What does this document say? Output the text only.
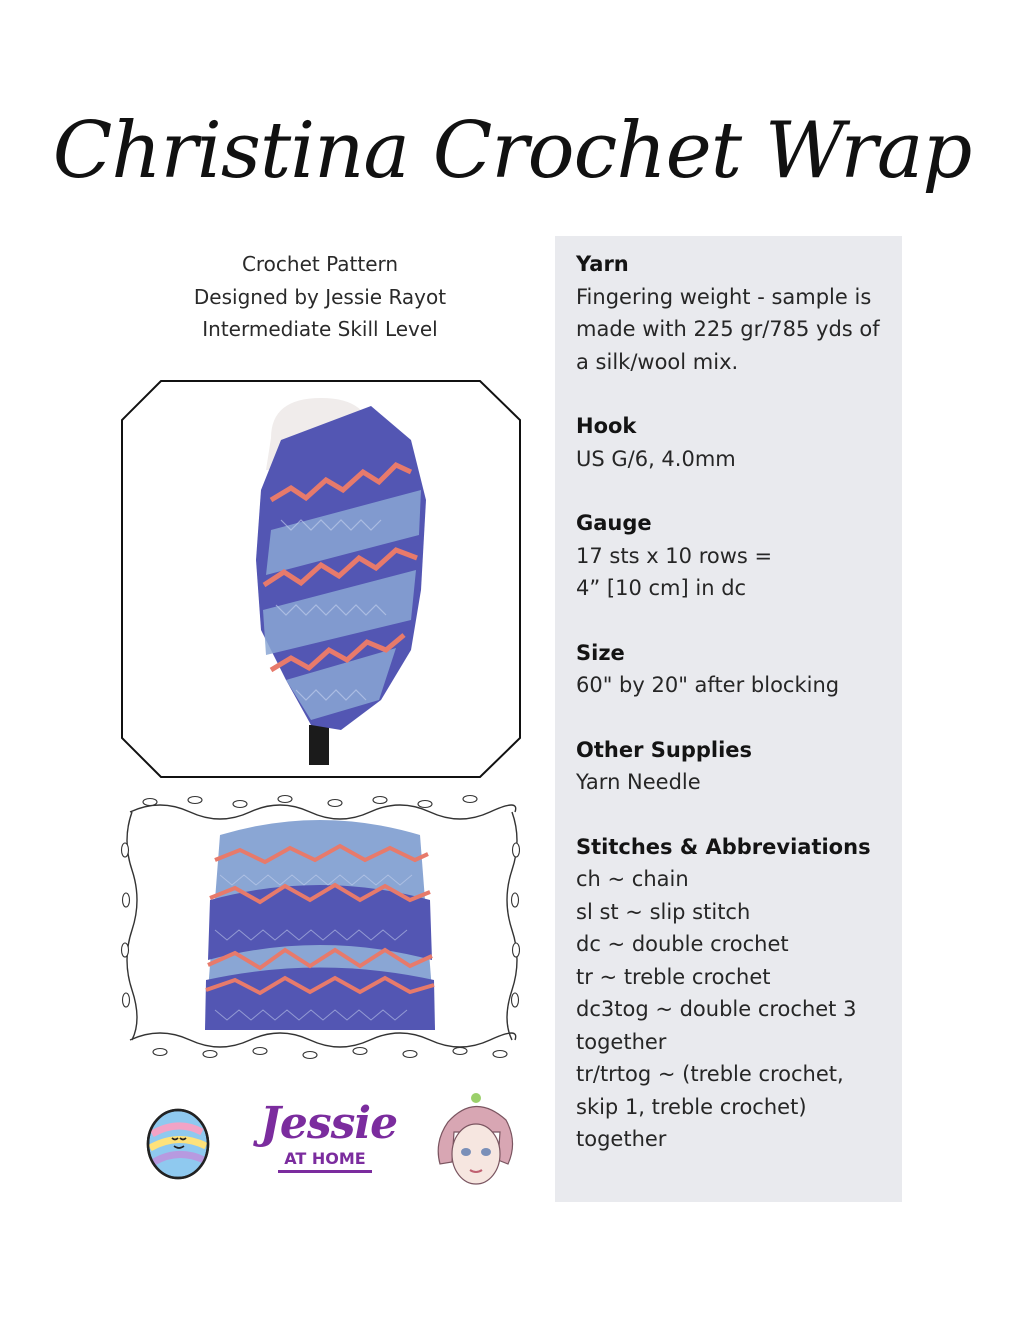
Christina Crochet Wrap
Crochet Pattern
Designed by Jessie Rayot
Intermediate Skill Level
Jessie
AT HOME
Yarn

Fingering weight - sample is made with 225 gr/785 yds of a silk/wool mix.

Hook

US G/6, 4.0mm

Gauge

17 sts x 10 rows =

4” [10 cm] in dc

Size

60" by 20" after blocking

Other Supplies

Yarn Needle

Stitches & Abbreviations
ch ~ chain
sl st ~ slip stitch
dc ~ double crochet
tr ~ treble crochet
dc3tog ~ double crochet 3 together
tr/trtog ~ (treble crochet, skip 1, treble crochet) together
